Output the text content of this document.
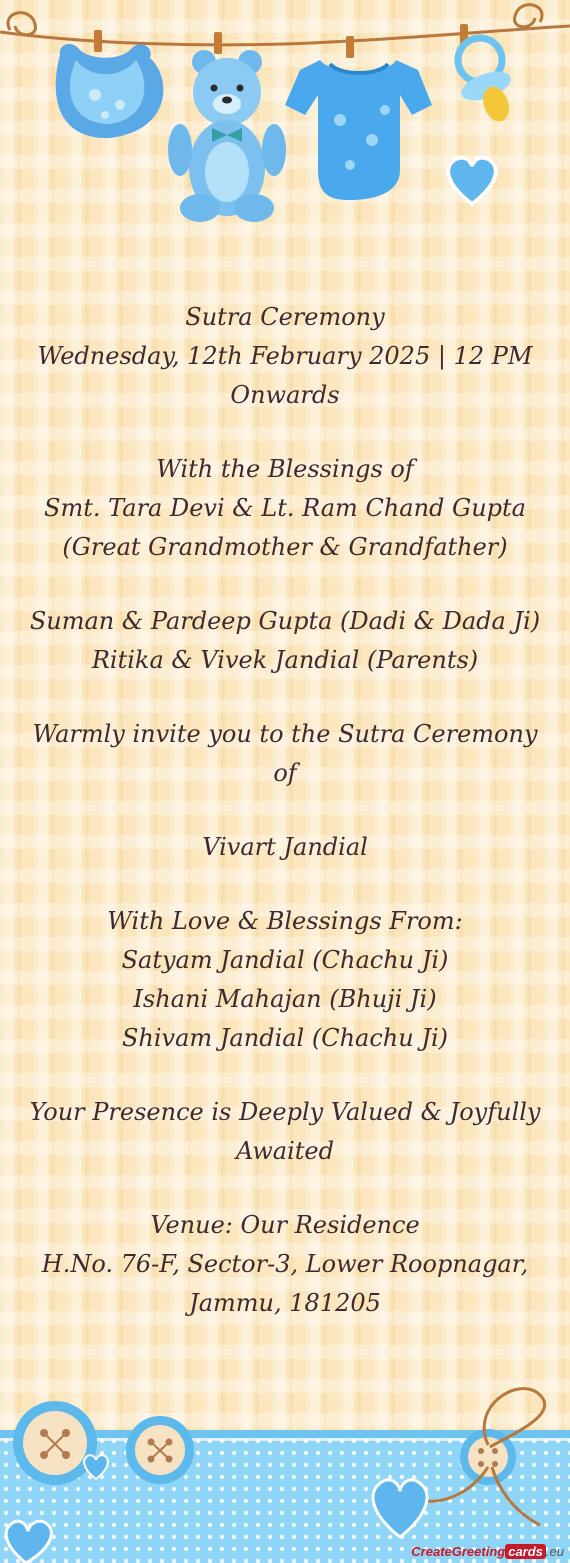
Sutra Ceremony
Wednesday, 12th February 2025 | 12 PM
Onwards
With the Blessings of
Smt. Tara Devi & Lt. Ram Chand Gupta
(Great Grandmother & Grandfather)
Suman & Pardeep Gupta (Dadi & Dada Ji)
Ritika & Vivek Jandial (Parents)
Warmly invite you to the Sutra Ceremony
of
Vivart Jandial
With Love & Blessings From:
Satyam Jandial (Chachu Ji)
Ishani Mahajan (Bhuji Ji)
Shivam Jandial (Chachu Ji)
Your Presence is Deeply Valued & Joyfully
Awaited
Venue: Our Residence
H.No. 76-F, Sector-3, Lower Roopnagar,
Jammu, 181205
CreateGreeting cards .eu
